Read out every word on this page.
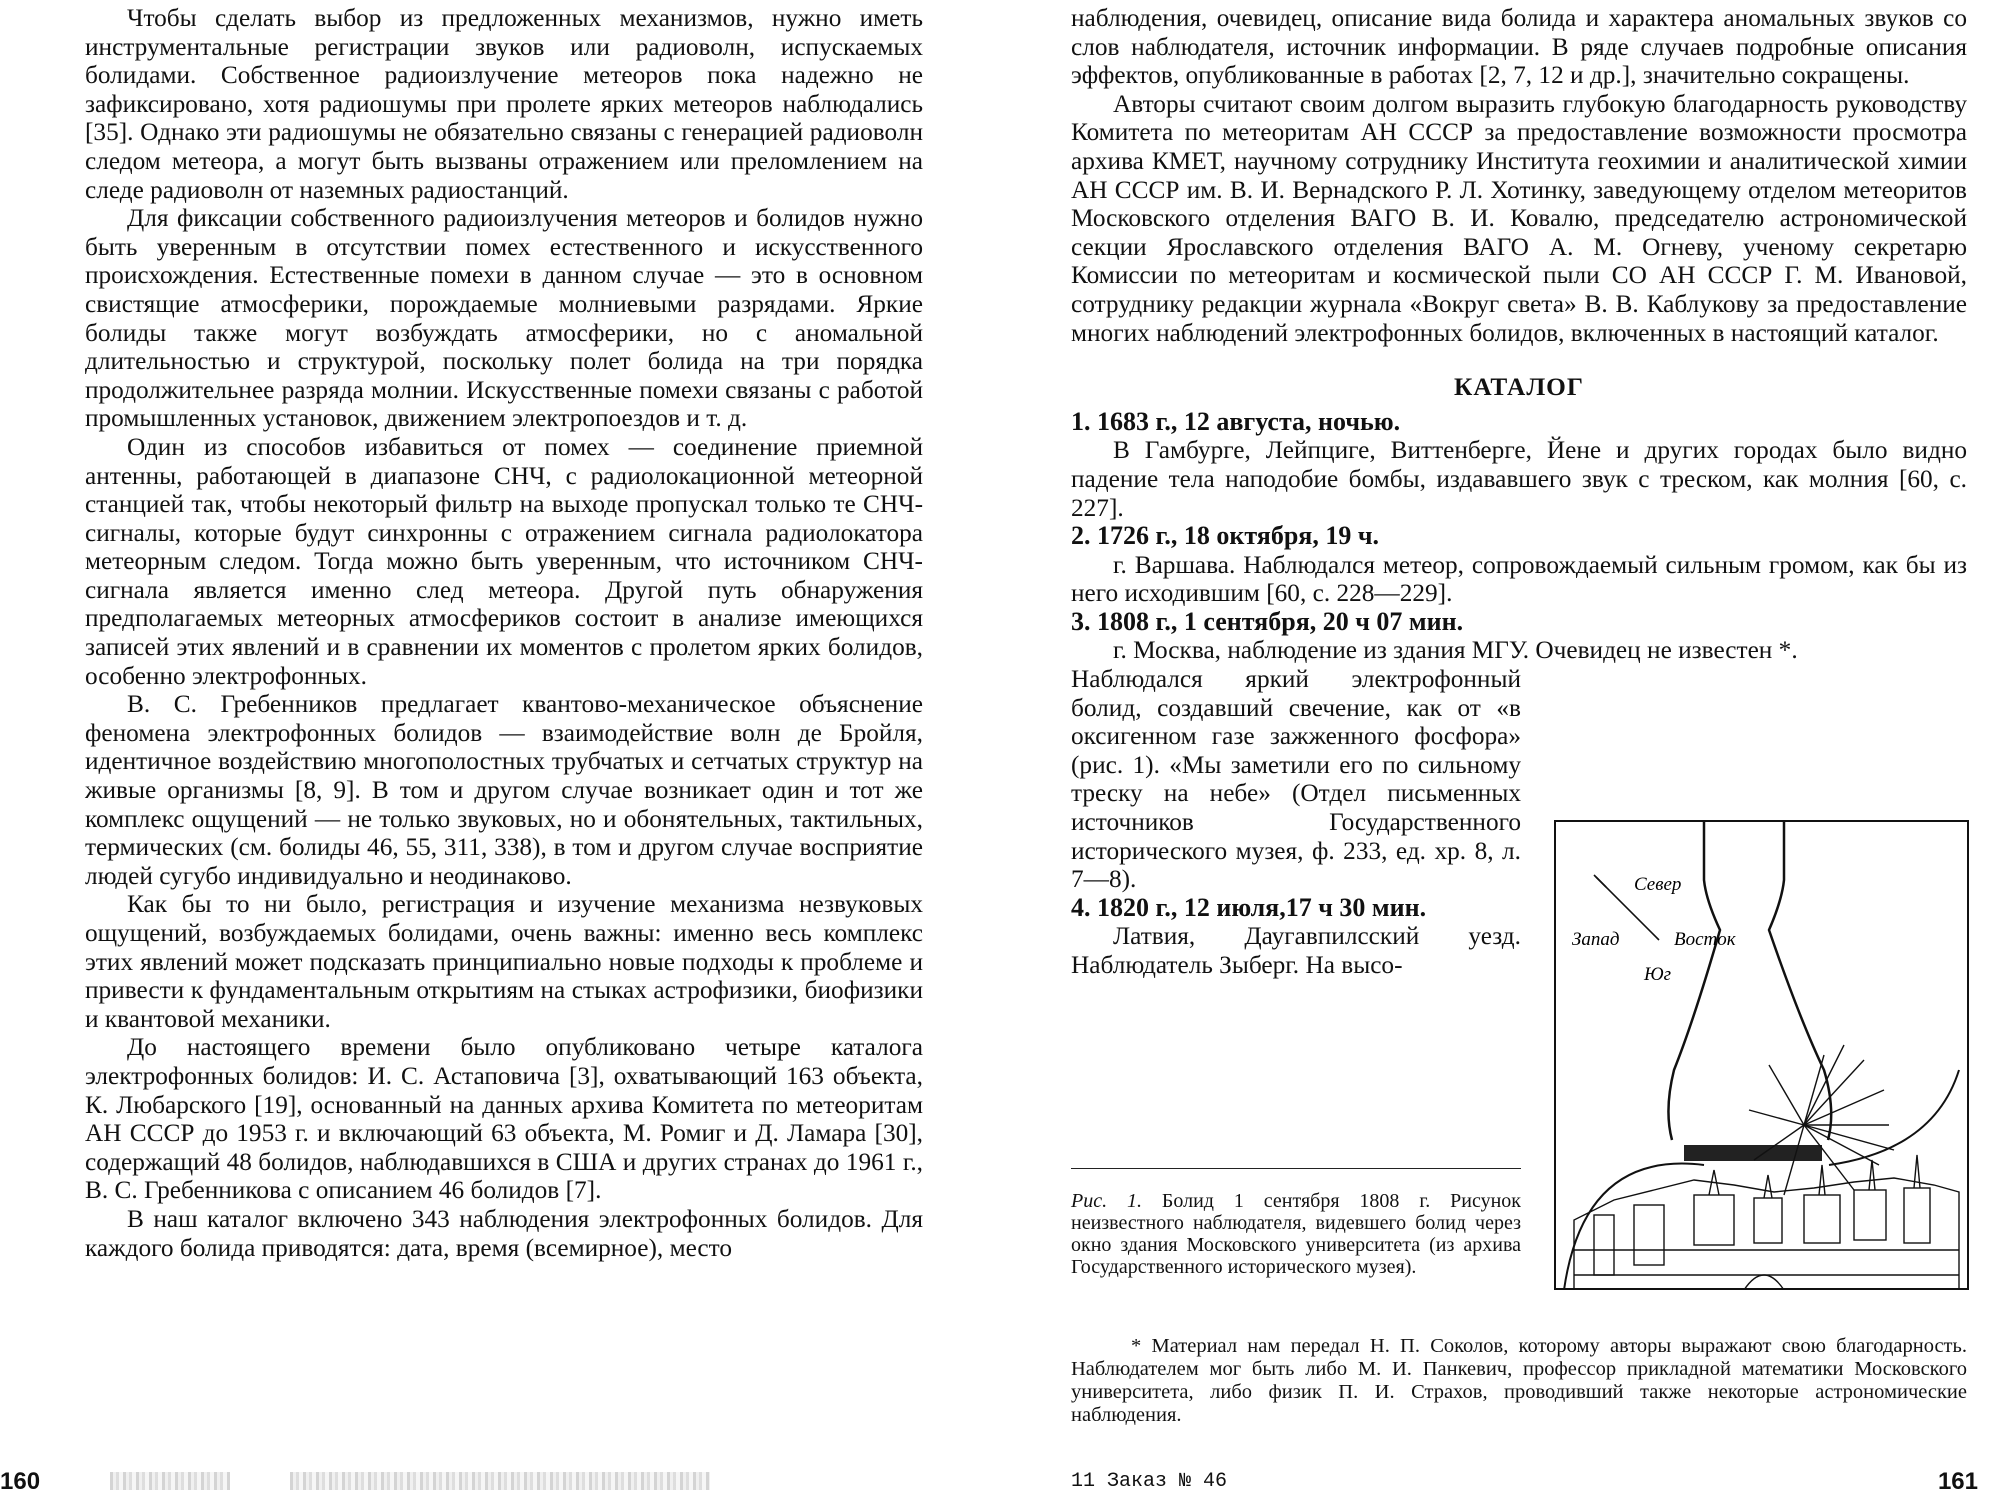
Чтобы сделать выбор из предложенных механизмов, нужно иметь инструментальные регистрации звуков или радиоволн, испускаемых болидами. Собственное радиоизлучение метеоров пока надежно не зафиксировано, хотя радиошумы при пролете ярких метеоров наблюдались [35]. Однако эти радиошумы не обязательно связаны с генерацией радиоволн следом метеора, а могут быть вызваны отражением или преломлением на следе радиоволн от наземных радиостанций.

Для фиксации собственного радиоизлучения метеоров и болидов нужно быть уверенным в отсутствии помех естественного и искусственного происхождения. Естественные помехи в данном случае — это в основном свистящие атмосферики, порождаемые молниевыми разрядами. Яркие болиды также могут возбуждать атмосферики, но с аномальной длительностью и структурой, поскольку полет болида на три порядка продолжительнее разряда молнии. Искусственные помехи связаны с работой промышленных установок, движением электропоездов и т. д.

Один из способов избавиться от помех — соединение приемной антенны, работающей в диапазоне СНЧ, с радиолокационной метеорной станцией так, чтобы некоторый фильтр на выходе пропускал только те СНЧ-сигналы, которые будут синхронны с отражением сигнала радиолокатора метеорным следом. Тогда можно быть уверенным, что источником СНЧ-сигнала является именно след метеора. Другой путь обнаружения предполагаемых метеорных атмосфериков состоит в анализе имеющихся записей этих явлений и в сравнении их моментов с пролетом ярких болидов, особенно электрофонных.

В. С. Гребенников предлагает квантово-механическое объяснение феномена электрофонных болидов — взаимодействие волн де Бройля, идентичное воздействию многополостных трубчатых и сетчатых структур на живые организмы [8, 9]. В том и другом случае возникает один и тот же комплекс ощущений — не только звуковых, но и обонятельных, тактильных, термических (см. болиды 46, 55, 311, 338), в том и другом случае восприятие людей сугубо индивидуально и неодинаково.

Как бы то ни было, регистрация и изучение механизма незвуковых ощущений, возбуждаемых болидами, очень важны: именно весь комплекс этих явлений может подсказать принципиально новые подходы к проблеме и привести к фундаментальным открытиям на стыках астрофизики, биофизики и квантовой механики.

До настоящего времени было опубликовано четыре каталога электрофонных болидов: И. С. Астаповича [3], охватывающий 163 объекта, К. Любарского [19], основанный на данных архива Комитета по метеоритам АН СССР до 1953 г. и включающий 63 объекта, М. Ромиг и Д. Ламара [30], содержащий 48 болидов, наблюдавшихся в США и других странах до 1961 г., В. С. Гребенникова с описанием 46 болидов [7].

В наш каталог включено 343 наблюдения электрофонных болидов. Для каждого болида приводятся: дата, время (всемирное), место

160

наблюдения, очевидец, описание вида болида и характера аномальных звуков со слов наблюдателя, источник информации. В ряде случаев подробные описания эффектов, опубликованные в работах [2, 7, 12 и др.], значительно сокращены.

Авторы считают своим долгом выразить глубокую благодарность руководству Комитета по метеоритам АН СССР за предоставление возможности просмотра архива КМЕТ, научному сотруднику Института геохимии и аналитической химии АН СССР им. В. И. Вернадского Р. Л. Хотинку, заведующему отделом метеоритов Московского отделения ВАГО В. И. Ковалю, председателю астрономической секции Ярославского отделения ВАГО А. М. Огневу, ученому секретарю Комиссии по метеоритам и космической пыли СО АН СССР Г. М. Ивановой, сотруднику редакции журнала «Вокруг света» В. В. Каблукову за предоставление многих наблюдений электрофонных болидов, включенных в настоящий каталог.

КАТАЛОГ

1. 1683 г., 12 августа, ночью.

В Гамбурге, Лейпциге, Виттенберге, Йене и других городах было видно падение тела наподобие бомбы, издававшего звук с треском, как молния [60, с. 227].

2. 1726 г., 18 октября, 19 ч.

г. Варшава. Наблюдался метеор, сопровождаемый сильным громом, как бы из него исходившим [60, с. 228—229].

3. 1808 г., 1 сентября, 20 ч 07 мин.

г. Москва, наблюдение из здания МГУ. Очевидец не известен *.

Наблюдался яркий электрофонный болид, создавший свечение, как от «в оксигенном газе зажженного фосфора» (рис. 1). «Мы заметили его по сильному треску на небе» (Отдел письменных источников Государственного исторического музея, ф. 233, ед. хр. 8, л. 7—8).

4. 1820 г., 12 июля,17 ч 30 мин.

Латвия, Даугавпилсский уезд. Наблюдатель Зыберг. На высо-

Север
Запад	Восток
Юг
Рис. 1. Болид 1 сентября 1808 г. Рисунок неизвестного наблюдателя, видевшего болид через окно здания Московского университета (из архива Государственного исторического музея).
* Материал нам передал Н. П. Соколов, которому авторы выражают свою благодарность. Наблюдателем мог быть либо М. И. Панкевич, профессор прикладной математики Московского университета, либо физик П. И. Страхов, проводивший также некоторые астрономические наблюдения.
11 Заказ № 46	161
